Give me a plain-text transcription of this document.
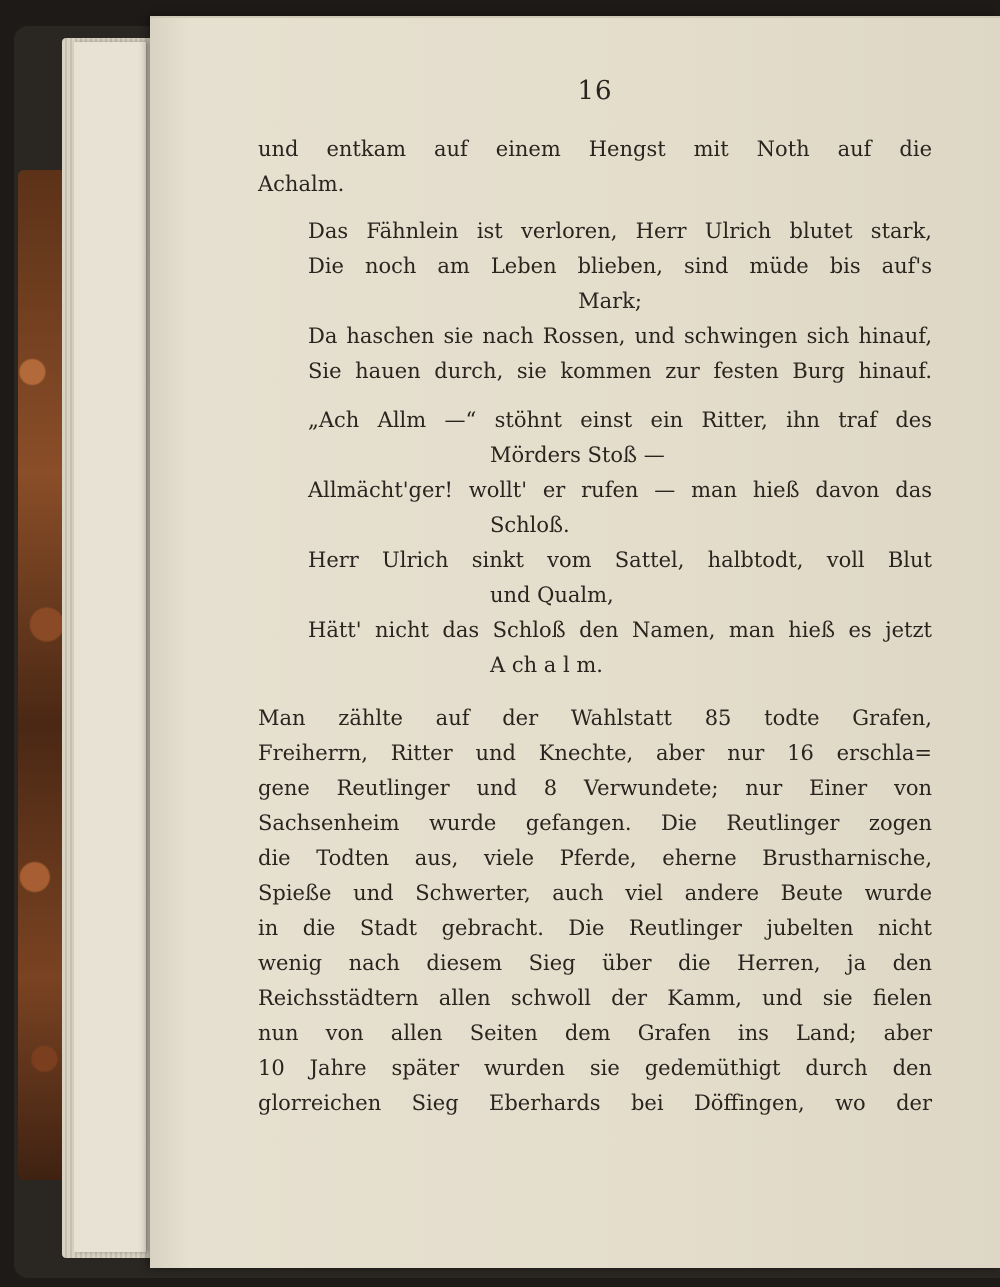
16

und entkam auf einem Hengst mit Noth auf die
Achalm.

Das Fähnlein ist verloren, Herr Ulrich blutet stark,
Die noch am Leben blieben, sind müde bis auf's
Mark;
Da haschen sie nach Rossen, und schwingen sich hinauf,
Sie hauen durch, sie kommen zur festen Burg hinauf.
„Ach Allm —“ stöhnt einst ein Ritter, ihn traf des
Mörders Stoß —
Allmächt'ger! wollt' er rufen — man hieß davon das
Schloß.
Herr Ulrich sinkt vom Sattel, halbtodt, voll Blut
und Qualm,
Hätt' nicht das Schloß den Namen, man hieß es jetzt
A ch a l m.

Man zählte auf der Wahlstatt 85 todte Grafen,
Freiherrn, Ritter und Knechte, aber nur 16 erschla=
gene Reutlinger und 8 Verwundete; nur Einer von
Sachsenheim wurde gefangen. Die Reutlinger zogen
die Todten aus, viele Pferde, eherne Brustharnische,
Spieße und Schwerter, auch viel andere Beute wurde
in die Stadt gebracht. Die Reutlinger jubelten nicht
wenig nach diesem Sieg über die Herren, ja den
Reichsstädtern allen schwoll der Kamm, und sie fielen
nun von allen Seiten dem Grafen ins Land; aber
10 Jahre später wurden sie gedemüthigt durch den
glorreichen Sieg Eberhards bei Döffingen, wo der
